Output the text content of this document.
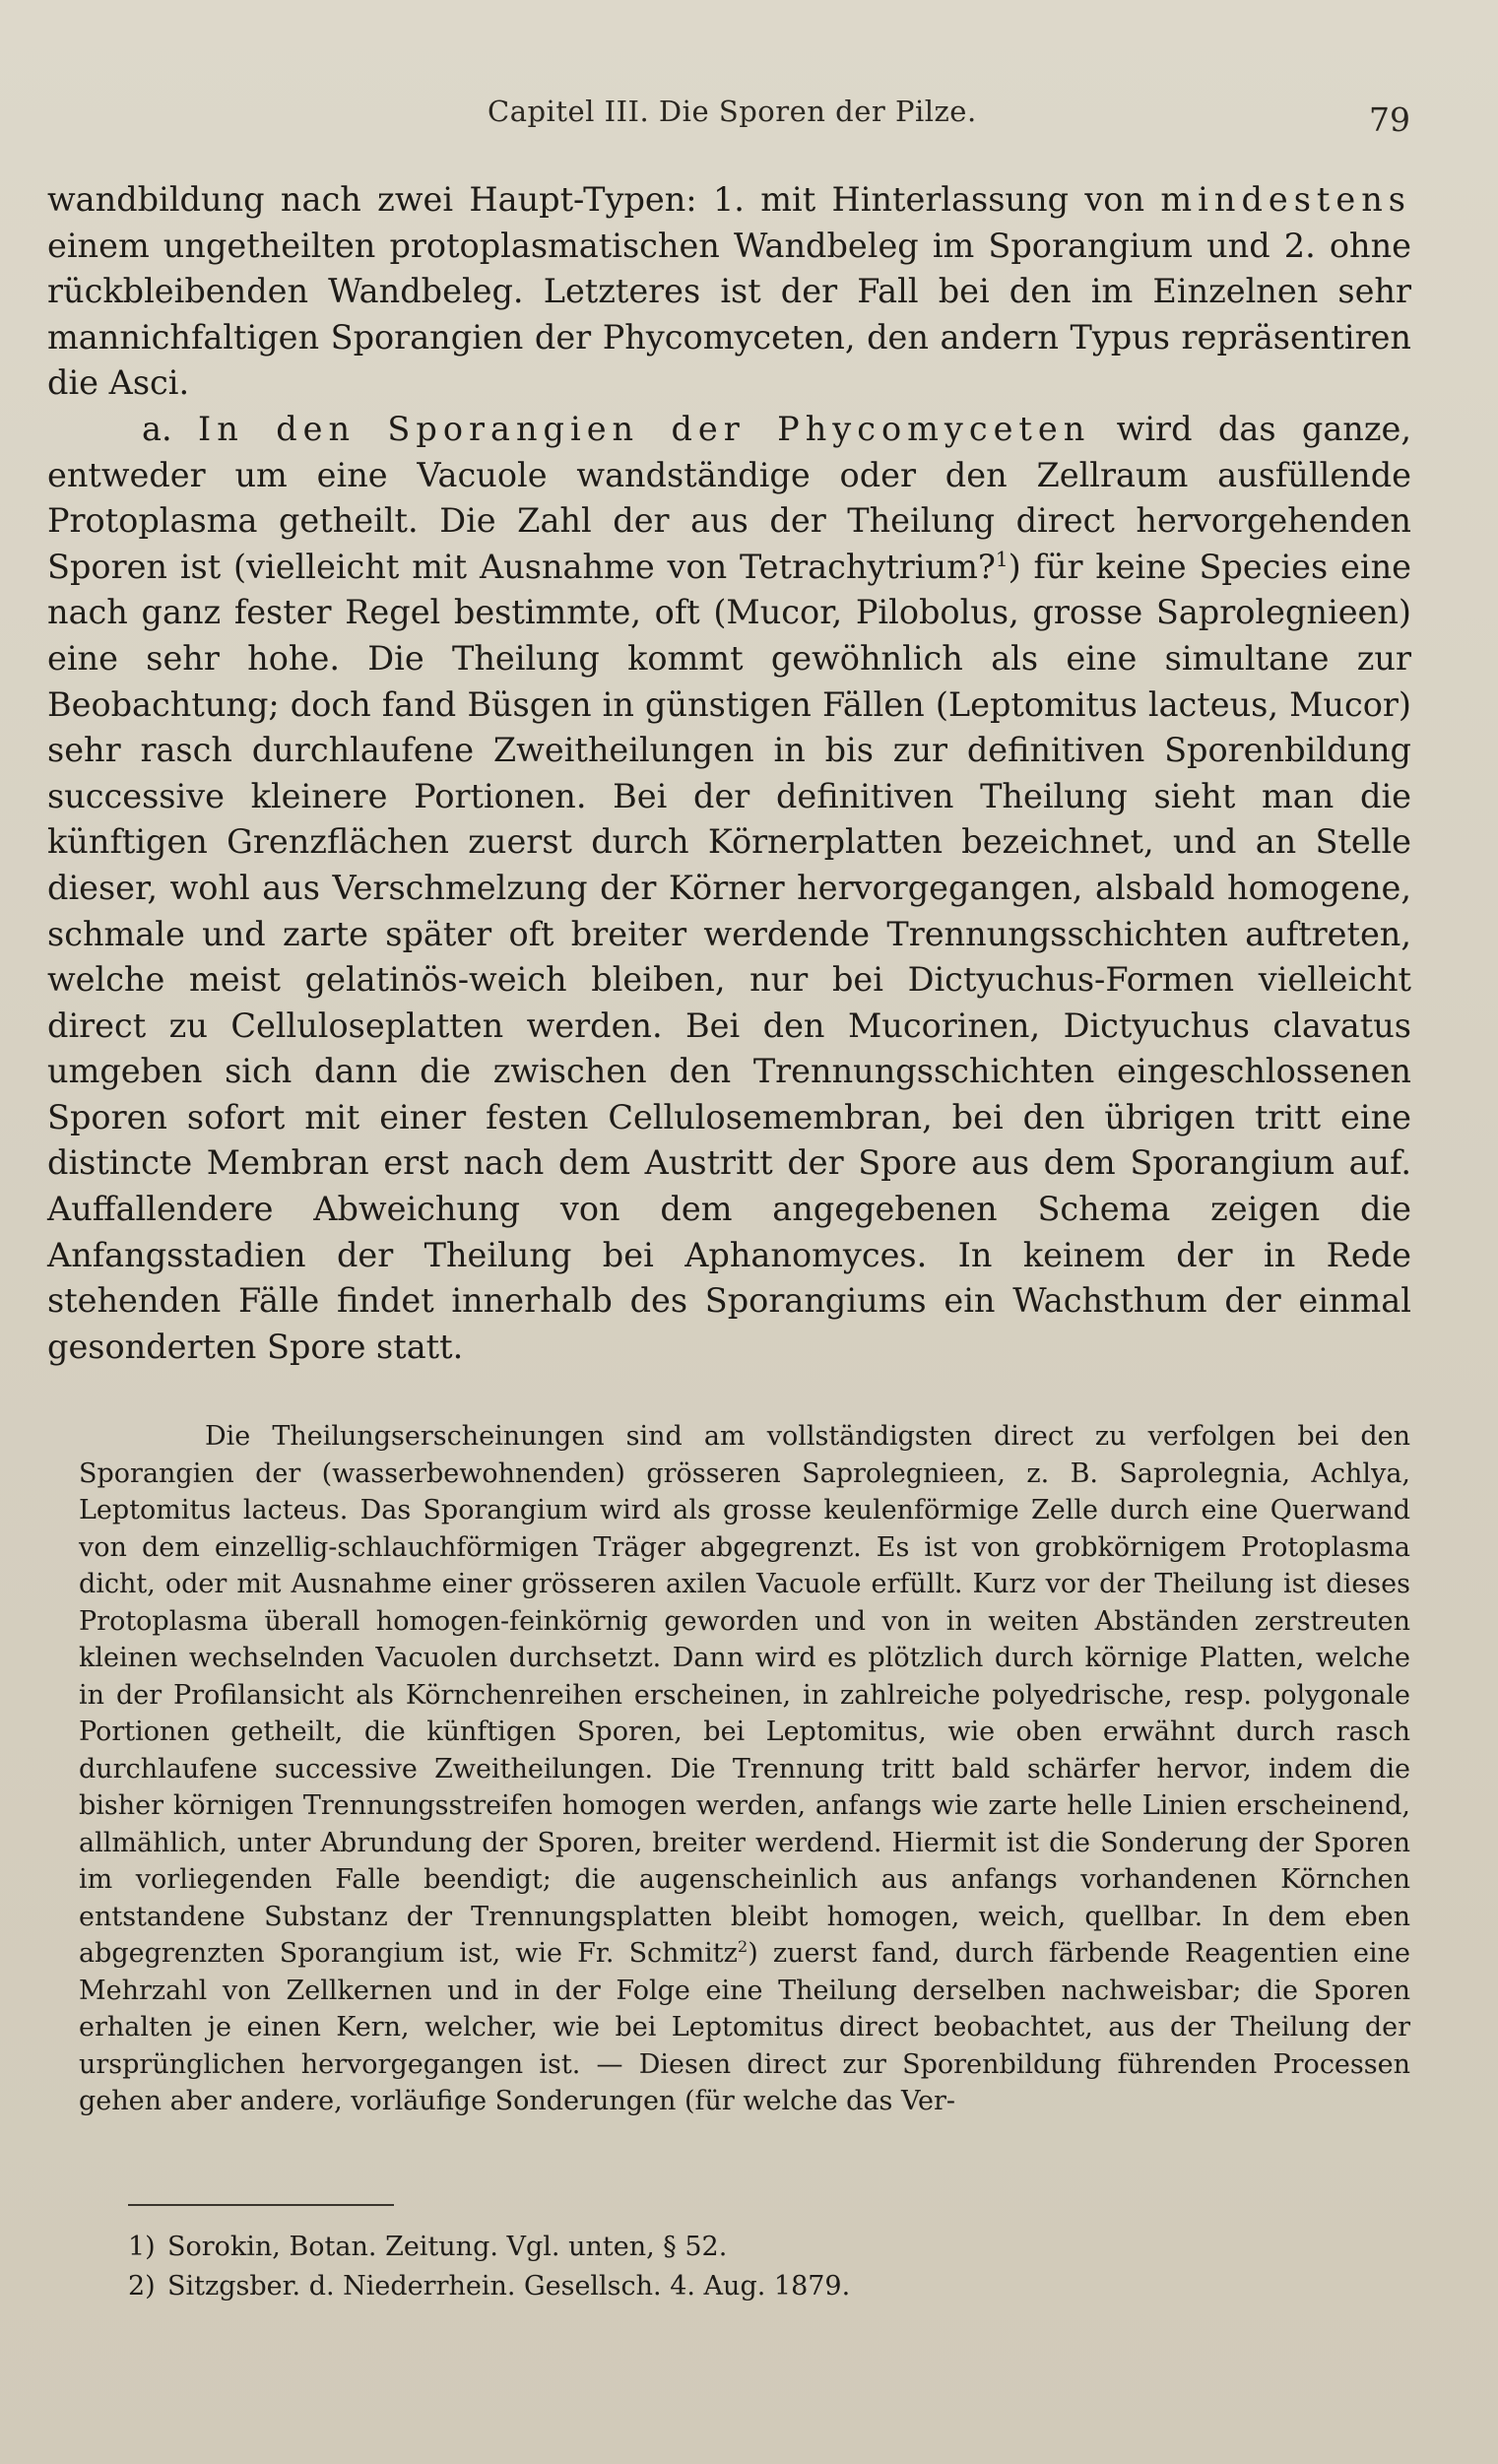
Capitel III. Die Sporen der Pilze.	79

wandbildung nach zwei Haupt-Typen: 1. mit Hinterlassung von mindestens einem ungetheilten protoplasmatischen Wandbeleg im Sporangium und 2. ohne rückbleibenden Wandbeleg. Letzteres ist der Fall bei den im Einzelnen sehr mannichfaltigen Sporangien der Phycomyceten, den andern Typus repräsentiren die Asci.

a. In den Sporangien der Phycomyceten wird das ganze, entweder um eine Vacuole wandständige oder den Zellraum ausfüllende Protoplasma getheilt. Die Zahl der aus der Theilung direct hervorgehenden Sporen ist (vielleicht mit Ausnahme von Tetrachytrium?$^1$) für keine Species eine nach ganz fester Regel bestimmte, oft (Mucor, Pilobolus, grosse Saprolegnieen) eine sehr hohe. Die Theilung kommt gewöhnlich als eine simultane zur Beobachtung; doch fand Büsgen in günstigen Fällen (Leptomitus lacteus, Mucor) sehr rasch durchlaufene Zweitheilungen in bis zur definitiven Sporenbildung successive kleinere Portionen. Bei der definitiven Theilung sieht man die künftigen Grenzflächen zuerst durch Körnerplatten bezeichnet, und an Stelle dieser, wohl aus Verschmelzung der Körner hervorgegangen, alsbald homogene, schmale und zarte später oft breiter werdende Trennungsschichten auftreten, welche meist gelatinös-weich bleiben, nur bei Dictyuchus-Formen vielleicht direct zu Celluloseplatten werden. Bei den Mucorinen, Dictyuchus clavatus umgeben sich dann die zwischen den Trennungsschichten eingeschlossenen Sporen sofort mit einer festen Cellulosemembran, bei den übrigen tritt eine distincte Membran erst nach dem Austritt der Spore aus dem Sporangium auf. Auffallendere Abweichung von dem angegebenen Schema zeigen die Anfangsstadien der Theilung bei Aphanomyces. In keinem der in Rede stehenden Fälle findet innerhalb des Sporangiums ein Wachsthum der einmal gesonderten Spore statt.

Die Theilungserscheinungen sind am vollständigsten direct zu verfolgen bei den Sporangien der (wasserbewohnenden) grösseren Saprolegnieen, z. B. Saprolegnia, Achlya, Leptomitus lacteus. Das Sporangium wird als grosse keulenförmige Zelle durch eine Querwand von dem einzellig-schlauchförmigen Träger abgegrenzt. Es ist von grobkörnigem Protoplasma dicht, oder mit Ausnahme einer grösseren axilen Vacuole erfüllt. Kurz vor der Theilung ist dieses Protoplasma überall homogen-feinkörnig geworden und von in weiten Abständen zerstreuten kleinen wechselnden Vacuolen durchsetzt. Dann wird es plötzlich durch körnige Platten, welche in der Profilansicht als Körnchenreihen erscheinen, in zahlreiche polyedrische, resp. polygonale Portionen getheilt, die künftigen Sporen, bei Leptomitus, wie oben erwähnt durch rasch durchlaufene successive Zweitheilungen. Die Trennung tritt bald schärfer hervor, indem die bisher körnigen Trennungsstreifen homogen werden, anfangs wie zarte helle Linien erscheinend, allmählich, unter Abrundung der Sporen, breiter werdend. Hiermit ist die Sonderung der Sporen im vorliegenden Falle beendigt; die augenscheinlich aus anfangs vorhandenen Körnchen entstandene Substanz der Trennungsplatten bleibt homogen, weich, quellbar. In dem eben abgegrenzten Sporangium ist, wie Fr. Schmitz$^2$) zuerst fand, durch färbende Reagentien eine Mehrzahl von Zellkernen und in der Folge eine Theilung derselben nachweisbar; die Sporen erhalten je einen Kern, welcher, wie bei Leptomitus direct beobachtet, aus der Theilung der ursprünglichen hervorgegangen ist. — Diesen direct zur Sporenbildung führenden Processen gehen aber andere, vorläufige Sonderungen (für welche das Ver-

1) Sorokin, Botan. Zeitung. Vgl. unten, § 52.

2) Sitzgsber. d. Niederrhein. Gesellsch. 4. Aug. 1879.
